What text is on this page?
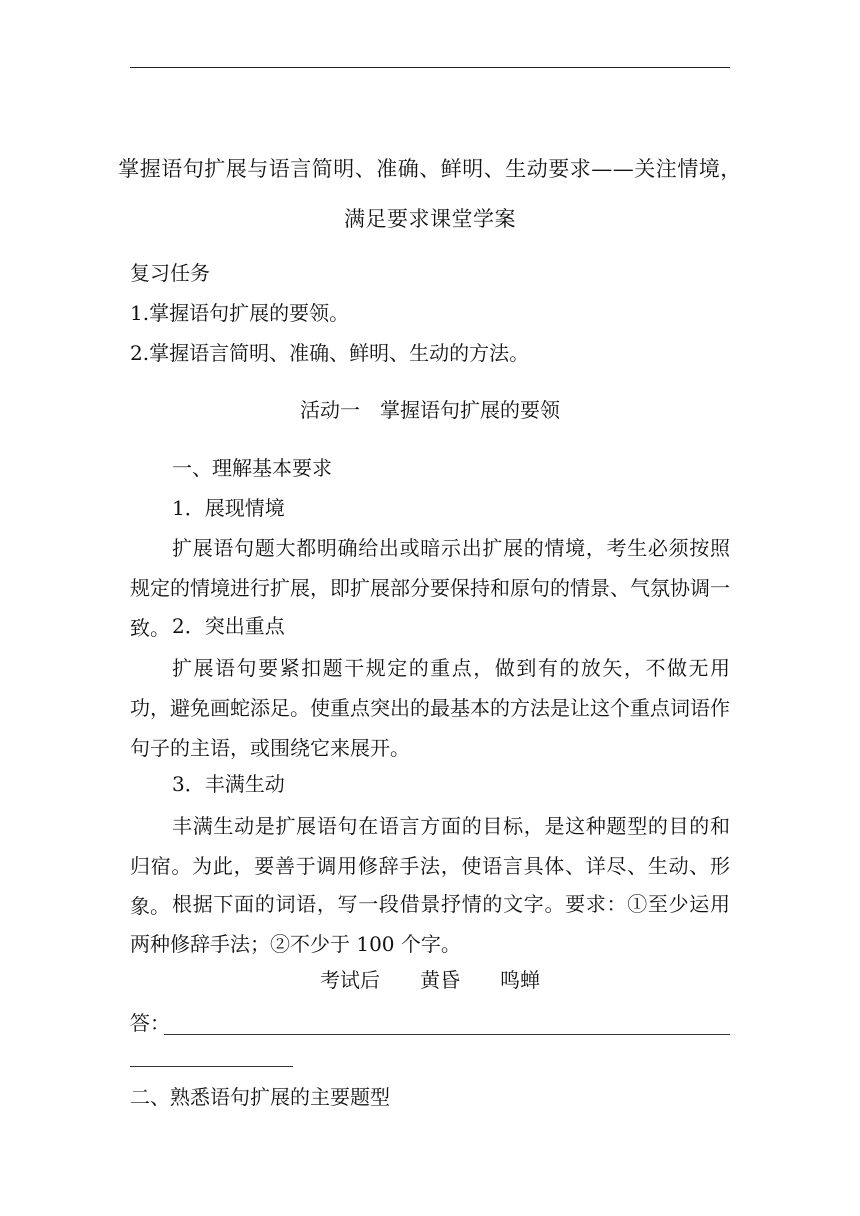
掌握语句扩展与语言简明、准确、鲜明、生动要求——关注情境，满足要求课堂学案
复习任务
1.掌握语句扩展的要领。
2.掌握语言简明、准确、鲜明、生动的方法。
活动一　掌握语句扩展的要领
一、理解基本要求
1．展现情境
扩展语句题大都明确给出或暗示出扩展的情境，考生必须按照规定的情境进行扩展，即扩展部分要保持和原句的情景、气氛协调一致。 2．突出重点
扩展语句要紧扣题干规定的重点，做到有的放矢，不做无用功，避免画蛇添足。使重点突出的最基本的方法是让这个重点词语作句子的主语，或围绕它来展开。
3．丰满生动
丰满生动是扩展语句在语言方面的目标，是这种题型的目的和归宿。为此，要善于调用修辞手法，使语言具体、详尽、生动、形象。 根据下面的词语，写一段借景抒情的文字。要求：①至少运用两种修辞手法；②不少于 100 个字。
考试后　　黄昏　　鸣蝉
答：
二、熟悉语句扩展的主要题型
